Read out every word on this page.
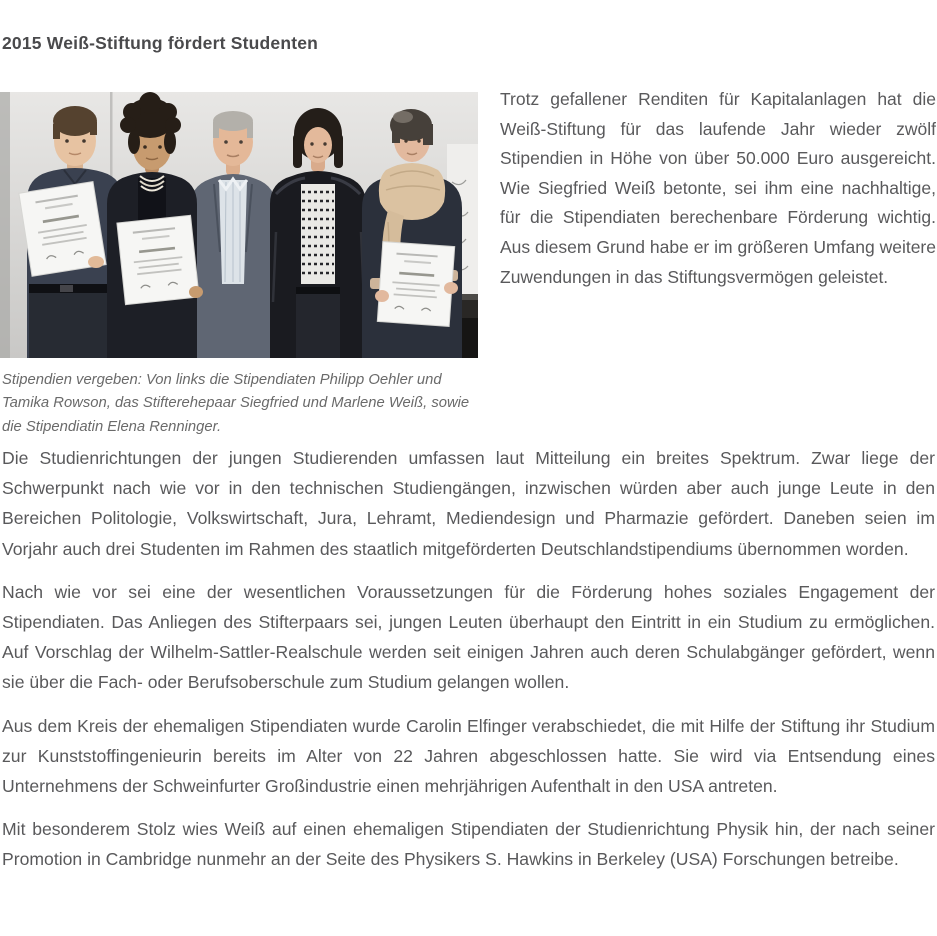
2015 Weiß-Stiftung fördert Studenten

Trotz gefallener Renditen für Kapitalanlagen hat die Weiß-Stiftung für das laufende Jahr wieder zwölf Stipendien in Höhe von über 50.000 Euro ausgereicht. Wie Siegfried Weiß betonte, sei ihm eine nachhaltige, für die Stipendiaten berechenbare Förderung wichtig. Aus diesem Grund habe er im größeren Umfang weitere Zuwendungen in das Stiftungsvermögen geleistet.

Stipendien vergeben: Von links die Stipendiaten Philipp Oehler und Tamika Rowson, das Stifterehepaar Siegfried und Marlene Weiß, sowie die Stipendiatin Elena Renninger.

Die Studienrichtungen der jungen Studierenden umfassen laut Mitteilung ein breites Spektrum. Zwar liege der Schwerpunkt nach wie vor in den technischen Studiengängen, inzwischen würden aber auch junge Leute in den Bereichen Politologie, Volkswirtschaft, Jura, Lehramt, Mediendesign und Pharmazie gefördert. Daneben seien im Vorjahr auch drei Studenten im Rahmen des staatlich mitgeförderten Deutschlandstipendiums übernommen worden.

Nach wie vor sei eine der wesentlichen Voraussetzungen für die Förderung hohes soziales Engagement der Stipendiaten. Das Anliegen des Stifterpaars sei, jungen Leuten überhaupt den Eintritt in ein Studium zu ermöglichen. Auf Vorschlag der Wilhelm-Sattler-Realschule werden seit einigen Jahren auch deren Schulabgänger gefördert, wenn sie über die Fach- oder Berufsoberschule zum Studium gelangen wollen.

Aus dem Kreis der ehemaligen Stipendiaten wurde Carolin Elfinger verabschiedet, die mit Hilfe der Stiftung ihr Studium zur Kunststoffingenieurin bereits im Alter von 22 Jahren abgeschlossen hatte. Sie wird via Entsendung eines Unternehmens der Schweinfurter Großindustrie einen mehrjährigen Aufenthalt in den USA antreten.

Mit besonderem Stolz wies Weiß auf einen ehemaligen Stipendiaten der Studienrichtung Physik hin, der nach seiner Promotion in Cambridge nunmehr an der Seite des Physikers S. Hawkins in Berkeley (USA) Forschungen betreibe.
